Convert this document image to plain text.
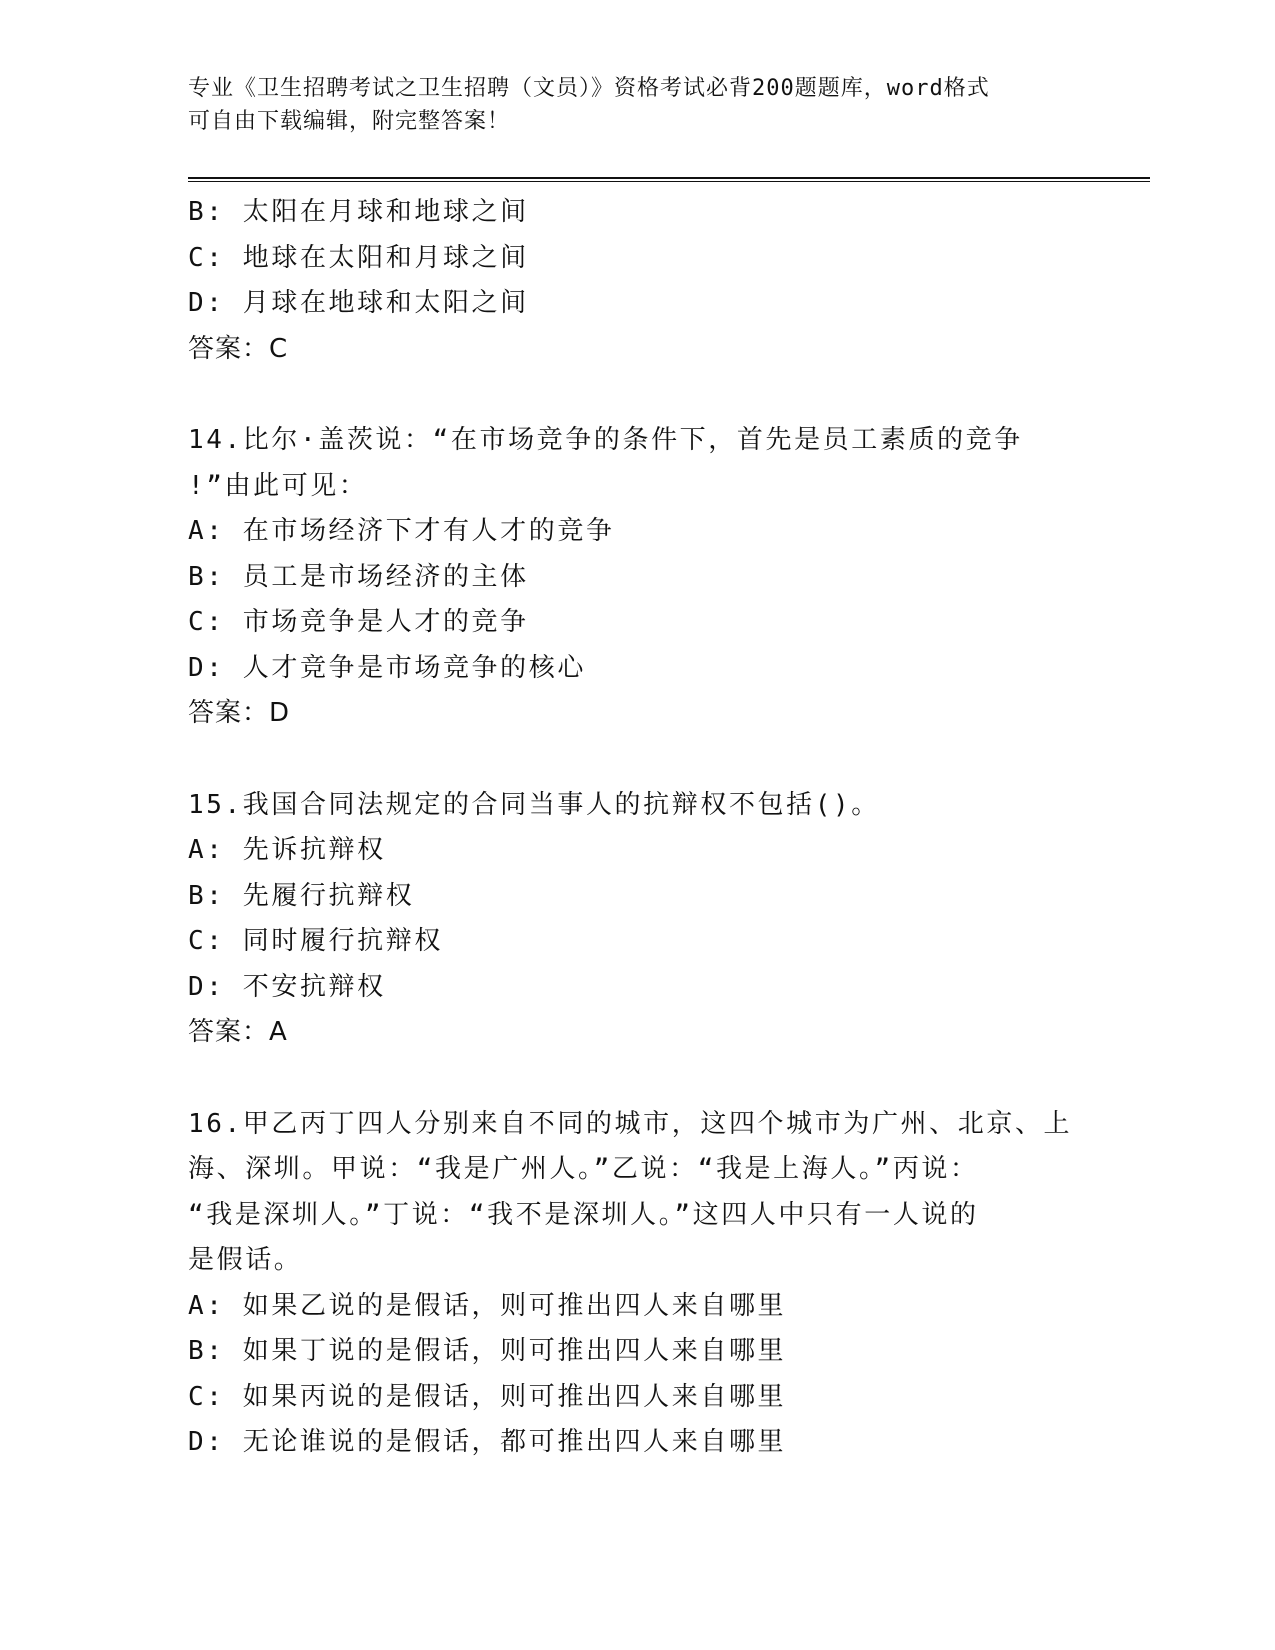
专业《卫生招聘考试之卫生招聘（文员）》资格考试必背200题题库，word格式
可自由下载编辑，附完整答案！
B: 太阳在月球和地球之间
C: 地球在太阳和月球之间
D: 月球在地球和太阳之间
答案：C
14.比尔·盖茨说：“在市场竞争的条件下，首先是员工素质的竞争
!”由此可见：
A: 在市场经济下才有人才的竞争
B: 员工是市场经济的主体
C: 市场竞争是人才的竞争
D: 人才竞争是市场竞争的核心
答案：D
15.我国合同法规定的合同当事人的抗辩权不包括()。
A: 先诉抗辩权
B: 先履行抗辩权
C: 同时履行抗辩权
D: 不安抗辩权
答案：A
16.甲乙丙丁四人分别来自不同的城市，这四个城市为广州、北京、上
海、深圳。甲说：“我是广州人。”乙说：“我是上海人。”丙说：
“我是深圳人。”丁说：“我不是深圳人。”这四人中只有一人说的
是假话。
A: 如果乙说的是假话，则可推出四人来自哪里
B: 如果丁说的是假话，则可推出四人来自哪里
C: 如果丙说的是假话，则可推出四人来自哪里
D: 无论谁说的是假话，都可推出四人来自哪里
